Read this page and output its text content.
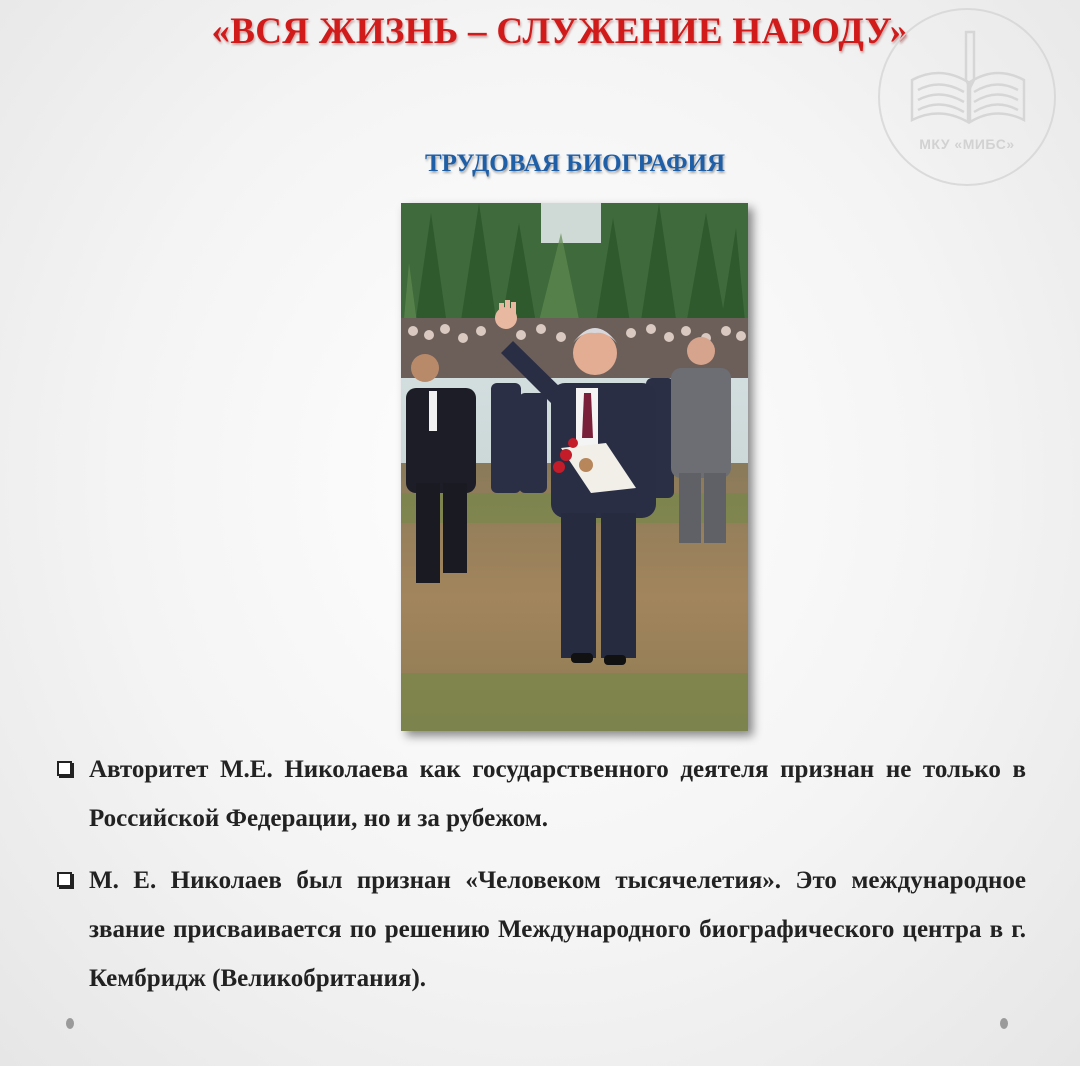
«ВСЯ ЖИЗНЬ – СЛУЖЕНИЕ НАРОДУ»
МКУ «МИБС»
ТРУДОВАЯ БИОГРАФИЯ
Авторитет М.Е. Николаева как государственного деятеля признан не только в Российской Федерации, но и за рубежом.
М. Е. Николаев был признан «Человеком тысячелетия». Это международное звание присваивается по решению Международного биографического центра в г. Кембридж (Великобритания).
